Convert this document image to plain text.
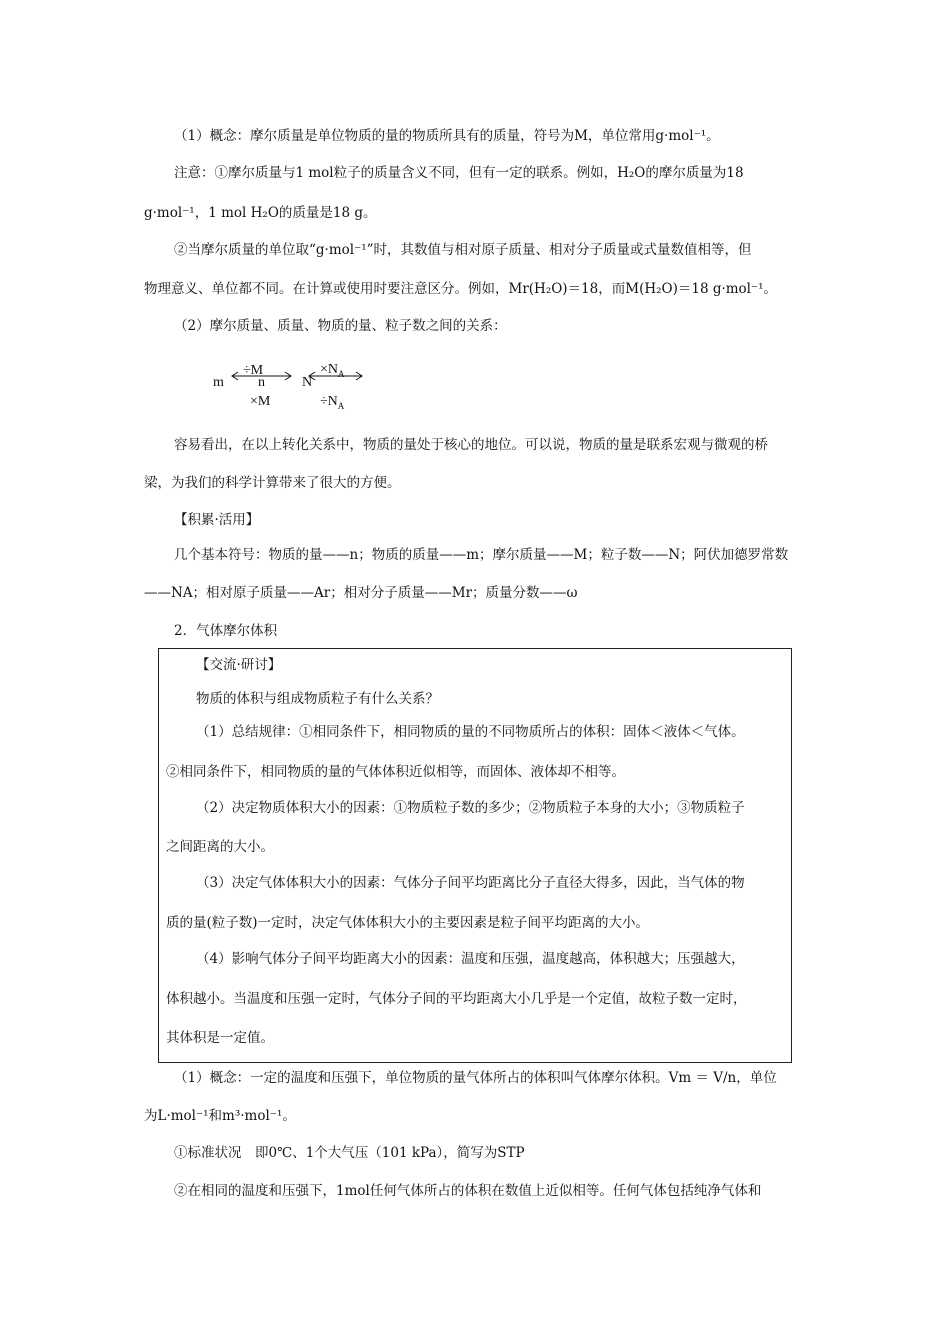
（1）概念：摩尔质量是单位物质的量的物质所具有的质量，符号为M，单位常用g·mol⁻¹。
注意：①摩尔质量与1 mol粒子的质量含义不同，但有一定的联系。例如，H₂O的摩尔质量为18
g·mol⁻¹，1 mol H₂O的质量是18 g。
②当摩尔质量的单位取“g·mol⁻¹”时，其数值与相对原子质量、相对分子质量或式量数值相等，但
物理意义、单位都不同。在计算或使用时要注意区分。例如，Mr(H₂O)＝18，而M(H₂O)＝18 g·mol⁻¹。
（2）摩尔质量、质量、物质的量、粒子数之间的关系：
m
÷M
n
×M
N
$\times N_A$
$\div N_A$
容易看出，在以上转化关系中，物质的量处于核心的地位。可以说，物质的量是联系宏观与微观的桥
梁，为我们的科学计算带来了很大的方便。
【积累·活用】
几个基本符号：物质的量——n；物质的质量——m；摩尔质量——M；粒子数——N；阿伏加德罗常数
——NA；相对原子质量——Ar；相对分子质量——Mr；质量分数——ω
2．气体摩尔体积
【交流·研讨】
物质的体积与组成物质粒子有什么关系？
（1）总结规律：①相同条件下，相同物质的量的不同物质所占的体积：固体＜液体＜气体。
②相同条件下，相同物质的量的气体体积近似相等，而固体、液体却不相等。
（2）决定物质体积大小的因素：①物质粒子数的多少；②物质粒子本身的大小；③物质粒子
之间距离的大小。
（3）决定气体体积大小的因素：气体分子间平均距离比分子直径大得多，因此，当气体的物
质的量(粒子数)一定时，决定气体体积大小的主要因素是粒子间平均距离的大小。
（4）影响气体分子间平均距离大小的因素：温度和压强，温度越高，体积越大；压强越大，
体积越小。当温度和压强一定时，气体分子间的平均距离大小几乎是一个定值，故粒子数一定时，
其体积是一定值。
（1）概念：一定的温度和压强下，单位物质的量气体所占的体积叫气体摩尔体积。Vm ＝ V/n，单位
为L·mol⁻¹和m³·mol⁻¹。
①标准状况　即0℃、1个大气压（101 kPa），简写为STP
②在相同的温度和压强下，1mol任何气体所占的体积在数值上近似相等。任何气体包括纯净气体和
